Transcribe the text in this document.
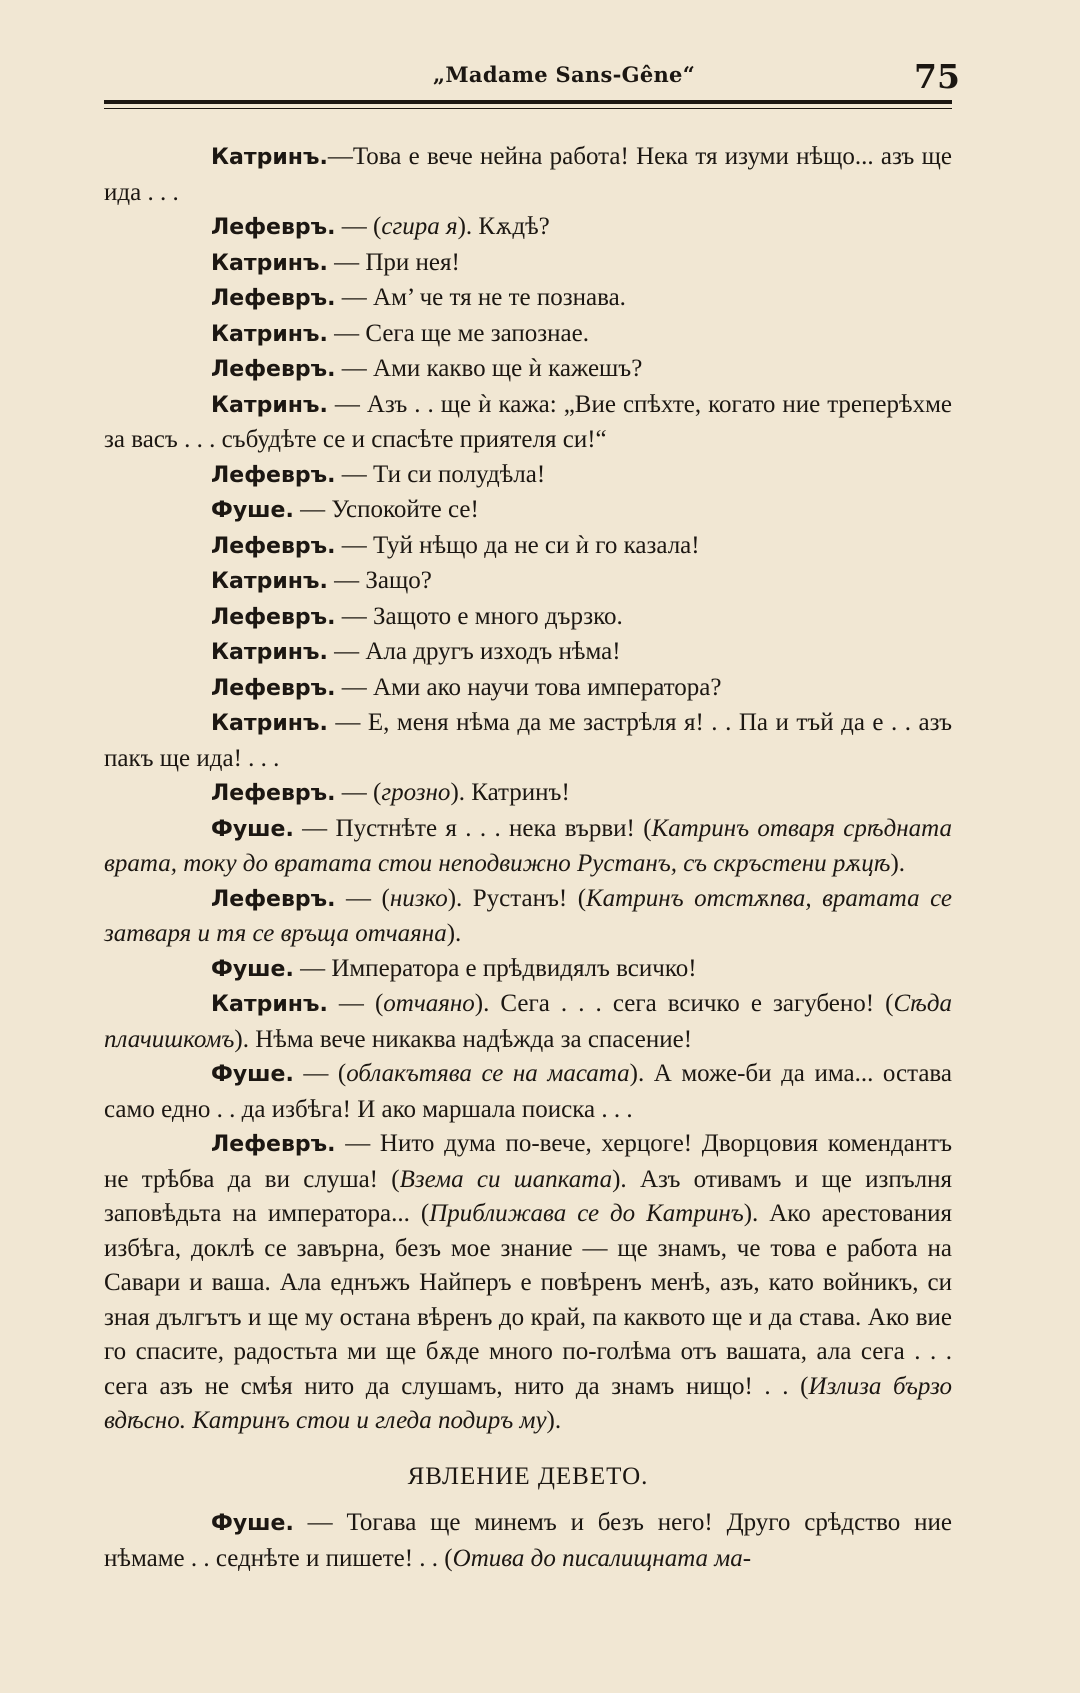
„Madame Sans-Gêne“	75

Катринъ.—Това е вече нейна работа! Нека тя изуми нѣщо... азъ ще ида . . .

Лефевръ. — (сгира я). Кѫдѣ?

Катринъ. — При нея!

Лефевръ. — Ам’ че тя не те познава.

Катринъ. — Сега ще ме запознае.

Лефевръ. — Ами какво ще ѝ кажешъ?

Катринъ. — Азъ . . ще ѝ кажа: „Вие спѣхте, когато ние треперѣхме за васъ . . . събудѣте се и спасѣте приятеля си!“

Лефевръ. — Ти си полудѣла!

Фуше. — Успокойте се!

Лефевръ. — Туй нѣщо да не си ѝ го казала!

Катринъ. — Защо?

Лефевръ. — Защото е много дързко.

Катринъ. — Ала другъ изходъ нѣма!

Лефевръ. — Ами ако научи това императора?

Катринъ. — Е, меня нѣма да ме застрѣля я! . . Па и тъй да е . . азъ пакъ ще ида! . . .

Лефевръ. — (грозно). Катринъ!

Фуше. — Пустнѣте я . . . нека върви! (Катринъ отваря срѣдната врата, току до вратата стои неподвижно Рустанъ, съ скръстени рѫцѣ).

Лефевръ. — (низко). Рустанъ! (Катринъ отстѫпва, вратата се затваря и тя се връща отчаяна).

Фуше. — Императора е прѣдвидялъ всичко!

Катринъ. — (отчаяно). Сега . . . сега всичко е загубено! (Сѣда плачишкомъ). Нѣма вече никаква надѣжда за спасение!

Фуше. — (облакътява се на масата). А може-би да има... остава само едно . . да избѣга! И ако маршала поиска . . .

Лефевръ. — Нито дума по-вече, херцоге! Дворцовия комендантъ не трѣбва да ви слуша! (Взема си шапката). Азъ отивамъ и ще изпълня заповѣдьта на императора... (Приближава се до Катринъ). Ако арестования избѣга, доклѣ се завърна, безъ мое знание — ще знамъ, че това е работа на Савари и ваша. Ала еднъжъ Найперъ е повѣренъ менѣ, азъ, като войникъ, си зная дългътъ и ще му остана вѣренъ до край, па каквото ще и да става. Ако вие го спасите, радостьта ми ще бѫде много по-голѣма отъ вашата, ала сега . . . сега азъ не смѣя нито да слушамъ, нито да знамъ нищо! . . (Излиза бързо вдѣсно. Катринъ стои и гледа подиръ му).

ЯВЛЕНИЕ ДЕВЕТО.

Фуше. — Тогава ще минемъ и безъ него! Друго срѣдство ние нѣмаме . . седнѣте и пишете! . . (Отива до писалищната ма-
